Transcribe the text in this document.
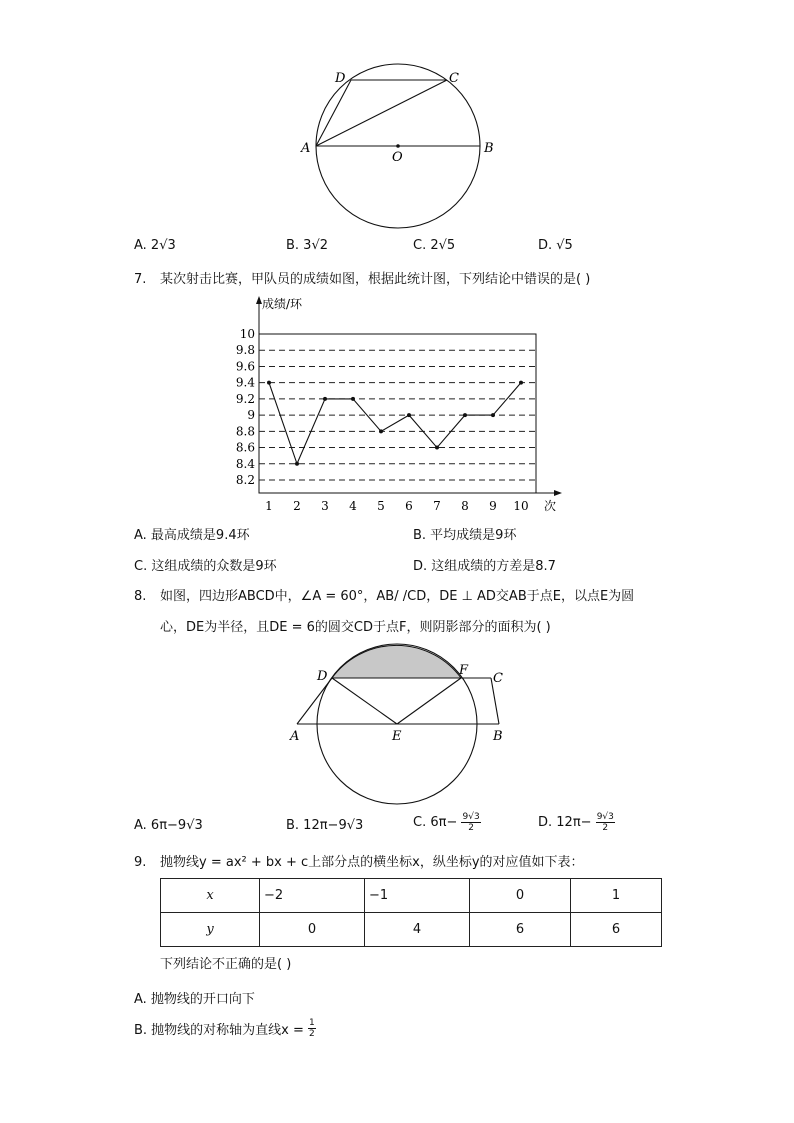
D	C
A	B
O
A. 2√3	B. 3√2	C. 2√5	D. √5
7. 某次射击比赛，甲队员的成绩如图，根据此统计图，下列结论中错误的是( )
8.2
8.4
8.6
8.8
9
9.2
9.4
9.6
9.8
10
1 2 3 4 5 6 7 8 9 10
成绩/环
次
A. 最高成绩是9.4环	B. 平均成绩是9环
C. 这组成绩的众数是9环	D. 这组成绩的方差是8.7
8. 如图，四边形ABCD中，∠A = 60°，AB/ /CD，DE ⊥ AD交AB于点E，以点E为圆
心，DE为半径，且DE = 6的圆交CD于点F，则阴影部分的面积为( )
D	F
C
A	E	B
A. 6π−9√3	B. 12π−9√3	C. $6\pi- \frac{9√3}{2}$	D. $12\pi- \frac{9√3}{2}$
9. 抛物线y = ax² + bx + c上部分点的横坐标x，纵坐标y的对应值如下表：
x	−2	−1	0	1
y	0	4	6	6
下列结论不正确的是( )
A. 抛物线的开口向下
B. 抛物线的对称轴为直线$x = \frac{1}{2}$
